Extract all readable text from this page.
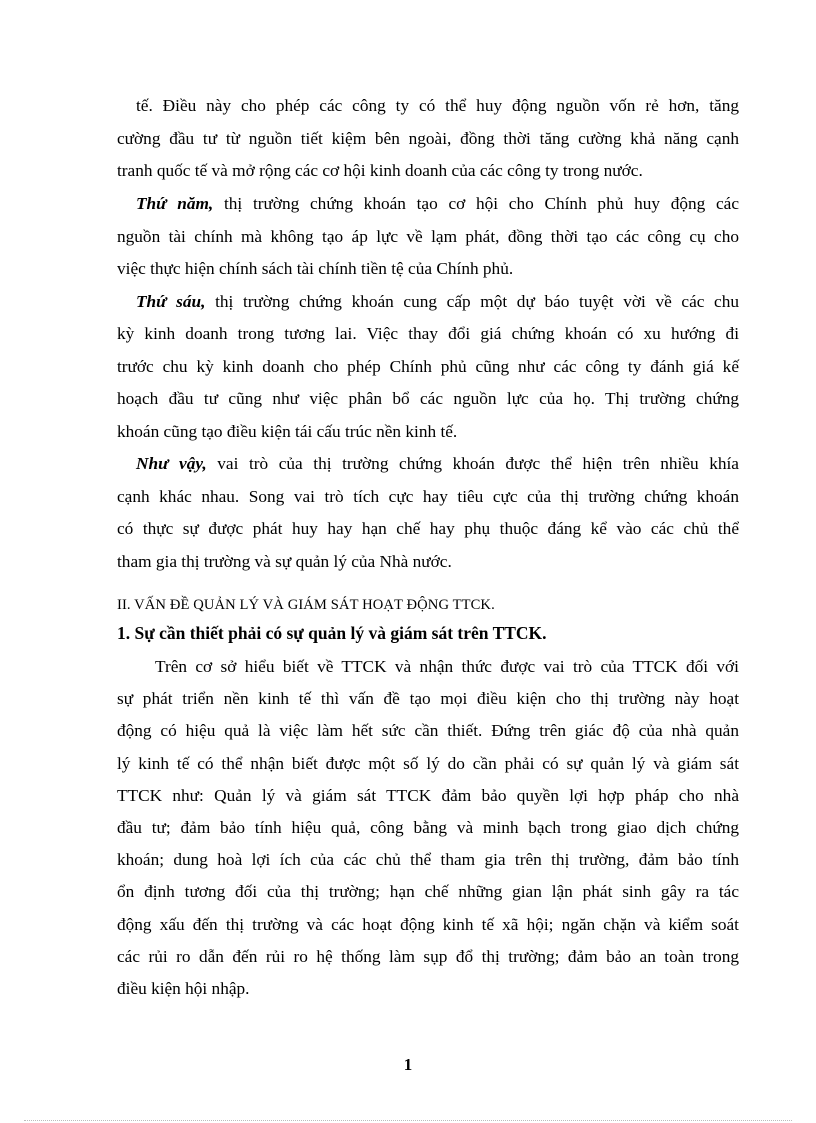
tế. Điều này cho phép các công ty có thể huy động nguồn vốn rẻ hơn, tăng
cường đầu tư từ nguồn tiết kiệm bên ngoài, đồng thời tăng cường khả năng cạnh
tranh quốc tế và mở rộng các cơ hội kinh doanh của các công ty trong nước.
Thứ năm, thị trường chứng khoán tạo cơ hội cho Chính phủ huy động các
nguồn tài chính mà không tạo áp lực về lạm phát, đồng thời tạo các công cụ cho
việc thực hiện chính sách tài chính tiền tệ của Chính phủ.
Thứ sáu, thị trường chứng khoán cung cấp một dự báo tuyệt vời về các chu
kỳ kinh doanh trong tương lai. Việc thay đổi giá chứng khoán có xu hướng đi
trước chu kỳ kinh doanh cho phép Chính phủ cũng như các công ty đánh giá kế
hoạch đầu tư cũng như việc phân bổ các nguồn lực của họ. Thị trường chứng
khoán cũng tạo điều kiện tái cấu trúc nền kinh tế.
Như vậy, vai trò của thị trường chứng khoán được thể hiện trên nhiều khía
cạnh khác nhau. Song vai trò tích cực hay tiêu cực của thị trường chứng khoán
có thực sự được phát huy hay hạn chế hay phụ thuộc đáng kể vào các chủ thể
tham gia thị trường và sự quản lý của Nhà nước.
II. VẤN ĐỀ QUẢN LÝ VÀ GIÁM SÁT HOẠT ĐỘNG TTCK.
1. Sự cần thiết phải có sự quản lý và giám sát trên TTCK.
Trên cơ sở hiểu biết về TTCK và nhận thức được vai trò của TTCK đối với
sự phát triển nền kinh tế thì vấn đề tạo mọi điều kiện cho thị trường này hoạt
động có hiệu quả là việc làm hết sức cần thiết. Đứng trên giác độ của nhà quản
lý kinh tế có thể nhận biết được một số lý do cần phải có sự quản lý và giám sát
TTCK như: Quản lý và giám sát TTCK đảm bảo quyền lợi hợp pháp cho nhà
đầu tư; đảm bảo tính hiệu quả, công bằng và minh bạch trong giao dịch chứng
khoán; dung hoà lợi ích của các chủ thể tham gia trên thị trường, đảm bảo tính
ổn định tương đối của thị trường; hạn chế những gian lận phát sinh gây ra tác
động xấu đến thị trường và các hoạt động kinh tế xã hội; ngăn chặn và kiểm soát
các rủi ro dẫn đến rủi ro hệ thống làm sụp đổ thị trường; đảm bảo an toàn trong
điều kiện hội nhập.
1
